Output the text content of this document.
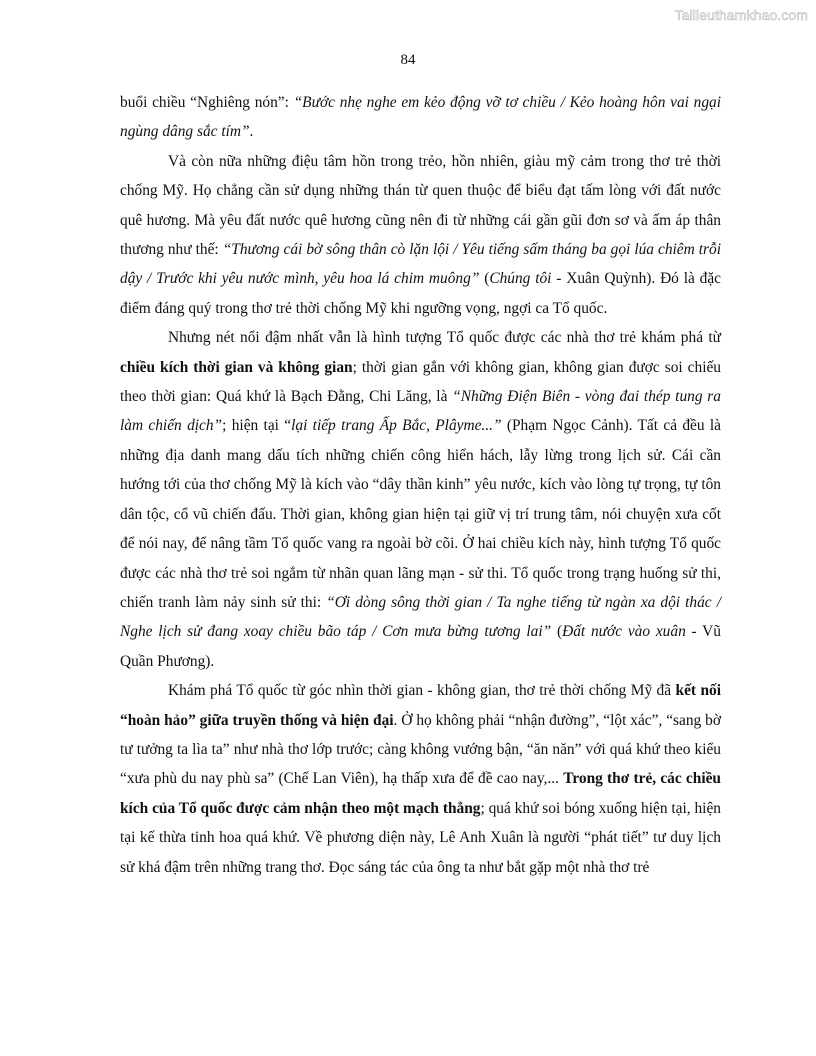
Tailieuthamkhao.com
84

buổi chiều “Nghiêng nón”: “Bước nhẹ nghe em kẻo động vỡ tơ chiều / Kẻo hoàng hôn vai ngại ngùng dâng sắc tím”.

Và còn nữa những điệu tâm hồn trong trẻo, hồn nhiên, giàu mỹ cảm trong thơ trẻ thời chống Mỹ. Họ chẳng cần sử dụng những thán từ quen thuộc để biểu đạt tấm lòng với đất nước quê hương. Mà yêu đất nước quê hương cũng nên đi từ những cái gần gũi đơn sơ và ấm áp thân thương như thế: “Thương cái bờ sông thân cò lặn lội / Yêu tiếng sấm tháng ba gọi lúa chiêm trỗi dậy / Trước khi yêu nước mình, yêu hoa lá chim muông” (Chúng tôi - Xuân Quỳnh). Đó là đặc điểm đáng quý trong thơ trẻ thời chống Mỹ khi ngưỡng vọng, ngợi ca Tổ quốc.

Nhưng nét nổi đậm nhất vẫn là hình tượng Tổ quốc được các nhà thơ trẻ khám phá từ chiều kích thời gian và không gian; thời gian gắn với không gian, không gian được soi chiếu theo thời gian: Quá khứ là Bạch Đằng, Chi Lăng, là “Những Điện Biên - vòng đai thép tung ra làm chiến dịch”; hiện tại “lại tiếp trang Ấp Bắc, Plâyme...” (Phạm Ngọc Cảnh). Tất cả đều là những địa danh mang dấu tích những chiến công hiển hách, lẫy lừng trong lịch sử. Cái cần hướng tới của thơ chống Mỹ là kích vào “dây thần kinh” yêu nước, kích vào lòng tự trọng, tự tôn dân tộc, cổ vũ chiến đấu. Thời gian, không gian hiện tại giữ vị trí trung tâm, nói chuyện xưa cốt để nói nay, để nâng tầm Tổ quốc vang ra ngoài bờ cõi. Ở hai chiều kích này, hình tượng Tổ quốc được các nhà thơ trẻ soi ngắm từ nhãn quan lãng mạn - sử thi. Tổ quốc trong trạng huống sử thi, chiến tranh làm nảy sinh sử thi: “Ơi dòng sông thời gian / Ta nghe tiếng từ ngàn xa dội thác / Nghe lịch sử đang xoay chiều bão táp / Cơn mưa bừng tương lai” (Đất nước vào xuân - Vũ Quần Phương).

Khám phá Tổ quốc từ góc nhìn thời gian - không gian, thơ trẻ thời chống Mỹ đã kết nối “hoàn hảo” giữa truyền thống và hiện đại. Ở họ không phải “nhận đường”, “lột xác”, “sang bờ tư tưởng ta lìa ta” như nhà thơ lớp trước; càng không vướng bận, “ăn năn” với quá khứ theo kiểu “xưa phù du nay phù sa” (Chế Lan Viên), hạ thấp xưa để đề cao nay,... Trong thơ trẻ, các chiều kích của Tổ quốc được cảm nhận theo một mạch thẳng; quá khứ soi bóng xuống hiện tại, hiện tại kế thừa tinh hoa quá khứ. Về phương diện này, Lê Anh Xuân là người “phát tiết” tư duy lịch sử khá đậm trên những trang thơ. Đọc sáng tác của ông ta như bắt gặp một nhà thơ trẻ
